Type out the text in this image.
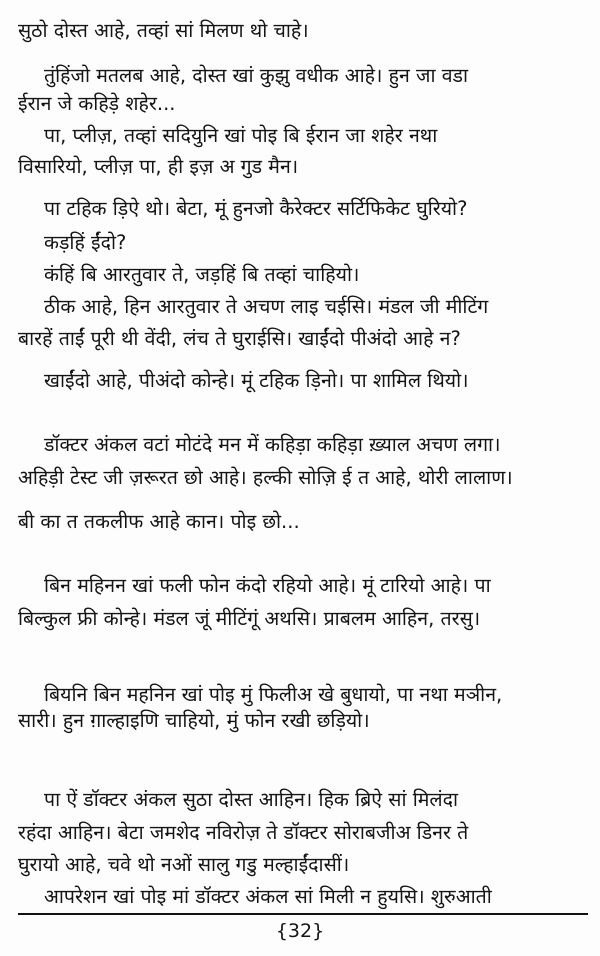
सुठो दोस्त आहे, तव्हां सां मिलण थो चाहे।
तुंहिंजो मतलब आहे, दोस्त खां कुझु वधीक आहे। हुन जा वडा
ईरान जे कहिड़े शहेर...
पा, प्लीज़, तव्हां सदियुनि खां पोइ बि ईरान जा शहेर नथा
विसारियो, प्लीज़ पा, ही इज़ अ गुड मैन।
पा टहिक ड़िऐ थो। बेटा, मूं हुनजो कैरेक्टर सर्टिफिकेट घुरियो?
कड़हिं ईंदो?
कंहिं बि आरतुवार ते, जड़हिं बि तव्हां चाहियो।
ठीक आहे, हिन आरतुवार ते अचण लाइ चईसि। मंडल जी मीटिंग
बारहें ताईं पूरी थी वेंदी, लंच ते घुराईसि। खाईंदो पीअंदो आहे न?
खाईंदो आहे, पीअंदो कोन्हे। मूं टहिक ड़िनो। पा शामिल थियो।
डॉक्टर अंकल वटां मोटंदे मन में कहिड़ा कहिड़ा ख़्याल अचण लगा।
अहिड़ी टेस्ट जी ज़रूरत छो आहे। हल्की सोज़ि ई त आहे, थोरी लालाण।
बी का त तकलीफ आहे कान। पोइ छो...
बिन महिनन खां फली फोन कंदो रहियो आहे। मूं टारियो आहे। पा
बिल्कुल फ्री कोन्हे। मंडल जूं मीटिंगूं अथसि। प्राबलम आहिन, तरसु।
बियनि बिन महनिन खां पोइ मुं फिलीअ खे बुधायो, पा नथा मञीन,
सारी। हुन ग़ाल्हाइणि चाहियो, मुं फोन रखी छड़ियो।
पा ऐं डॉक्टर अंकल सुठा दोस्त आहिन। हिक ब्रिऐ सां मिलंदा
रहंदा आहिन। बेटा जमशेद नविरोज़ ते डॉक्टर सोराबजीअ डिनर ते
घुरायो आहे, चवे थो नओं सालु गडु मल्हाईंदासीं।
आपरेशन खां पोइ मां डॉक्टर अंकल सां मिली न हुयसि। शुरुआती
{32}
